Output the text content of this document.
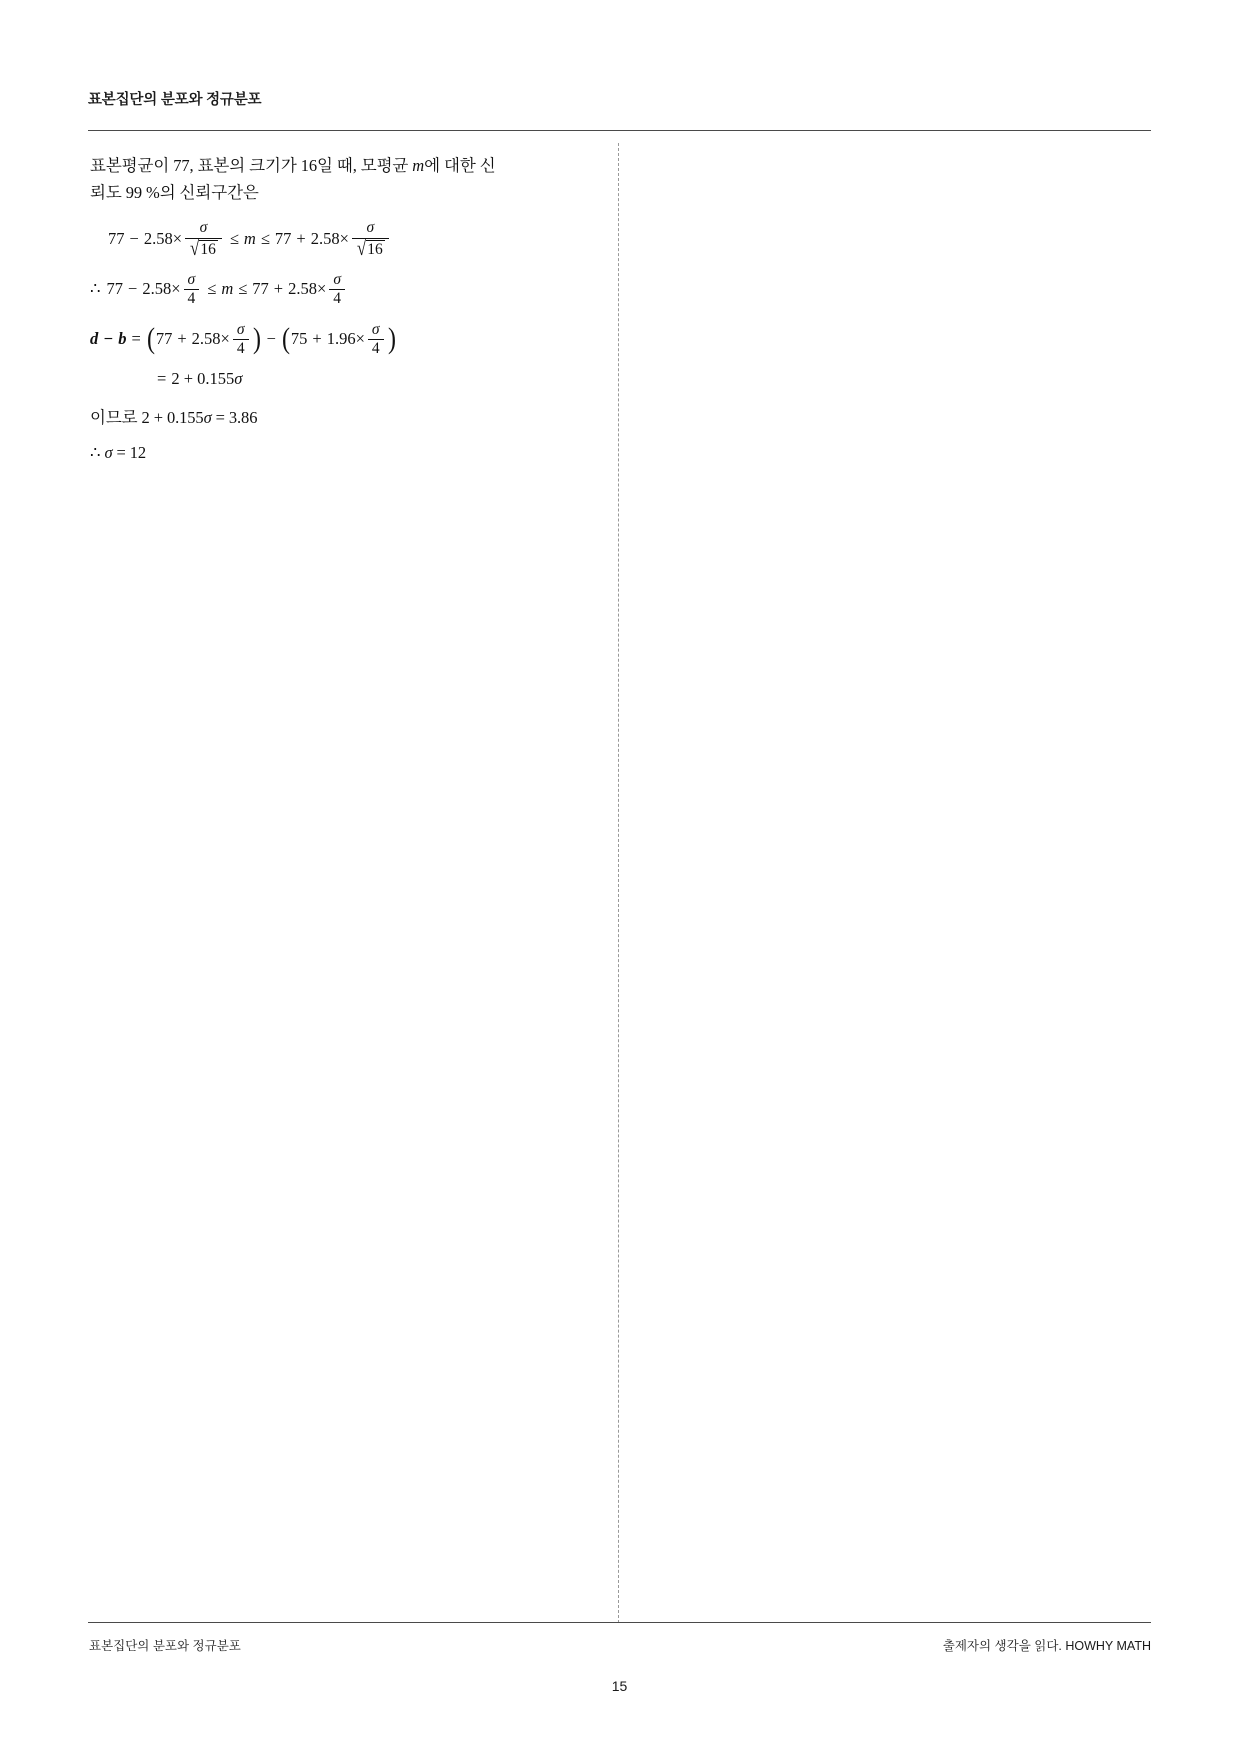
표본집단의 분포와 정규분포
표본평균이 77, 표본의 크기가 16일 때, 모평균 m에 대한 신
뢰도 99 %의 신뢰구간은
$77 - 2.58 \times \frac{\sigma}{√ 16} \le m \le 77 + 2.58 \times \frac{\sigma}{√ 16}$
∴ $77 - 2.58 \times \frac{\sigma}{4} \le m \le 77 + 2.58 \times \frac{\sigma}{4}$
d − b = ( $77 + 2.58 \times \frac{\sigma}{4}$ ) − ( $75 + 1.96 \times \frac{\sigma}{4}$ )
= 2 + 0.155 σ
이므로 2 + 0.155σ = 3.86
∴ σ = 12
표본집단의 분포와 정규분포	출제자의 생각을 읽다. HOWHY MATH
15
